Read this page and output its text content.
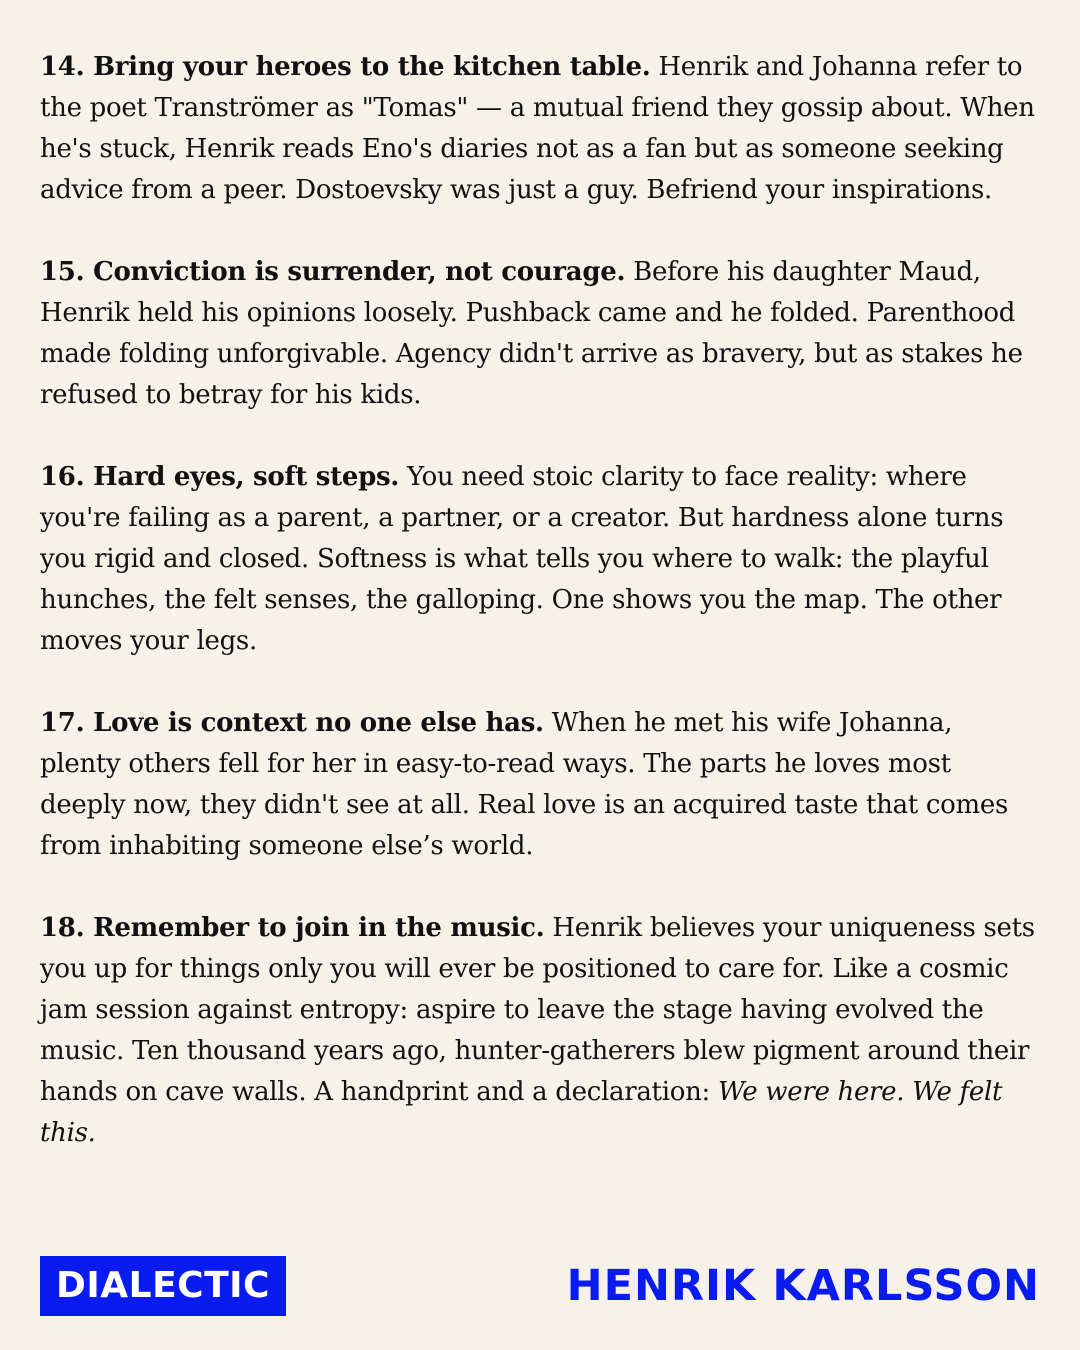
14. Bring your heroes to the kitchen table. Henrik and Johanna refer to the poet Tranströmer as "Tomas" — a mutual friend they gossip about. When he's stuck, Henrik reads Eno's diaries not as a fan but as someone seeking advice from a peer. Dostoevsky was just a guy. Befriend your inspirations.

15. Conviction is surrender, not courage. Before his daughter Maud, Henrik held his opinions loosely. Pushback came and he folded. Parenthood made folding unforgivable. Agency didn't arrive as bravery, but as stakes he refused to betray for his kids.

16. Hard eyes, soft steps. You need stoic clarity to face reality: where you're failing as a parent, a partner, or a creator. But hardness alone turns you rigid and closed. Softness is what tells you where to walk: the playful hunches, the felt senses, the galloping. One shows you the map. The other moves your legs.

17. Love is context no one else has. When he met his wife Johanna, plenty others fell for her in easy-to-read ways. The parts he loves most deeply now, they didn't see at all. Real love is an acquired taste that comes from inhabiting someone else’s world.

18. Remember to join in the music. Henrik believes your uniqueness sets you up for things only you will ever be positioned to care for. Like a cosmic jam session against entropy: aspire to leave the stage having evolved the music. Ten thousand years ago, hunter-gatherers blew pigment around their hands on cave walls. A handprint and a declaration: We were here. We felt this.

DIALECTIC	HENRIK KARLSSON
